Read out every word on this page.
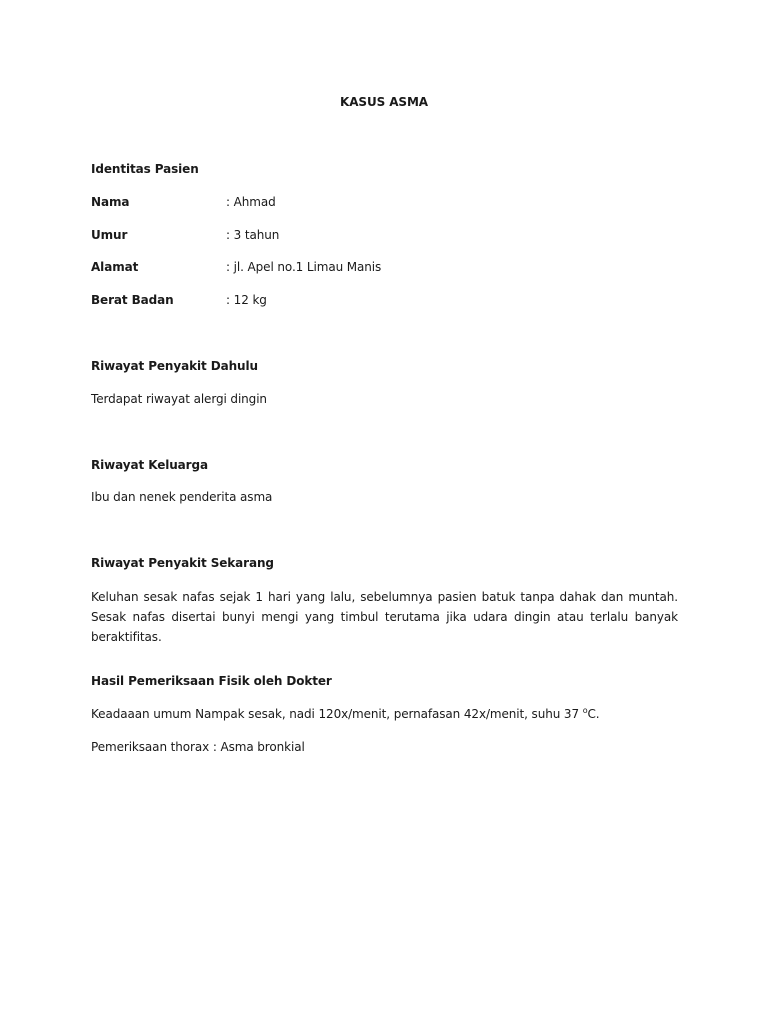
KASUS ASMA
Identitas Pasien
Nama	: Ahmad
Umur	: 3 tahun
Alamat	: jl. Apel no.1 Limau Manis
Berat Badan	: 12 kg
Riwayat Penyakit Dahulu
Terdapat riwayat alergi dingin
Riwayat Keluarga
Ibu dan nenek penderita asma
Riwayat Penyakit Sekarang
Keluhan sesak nafas sejak 1 hari yang lalu, sebelumnya pasien batuk tanpa dahak dan muntah. Sesak nafas disertai bunyi mengi yang timbul terutama jika udara dingin atau terlalu banyak beraktifitas.
Hasil Pemeriksaan Fisik oleh Dokter
Keadaaan umum Nampak sesak, nadi 120x/menit, pernafasan 42x/menit, suhu 37 $^o$C.
Pemeriksaan thorax : Asma bronkial
